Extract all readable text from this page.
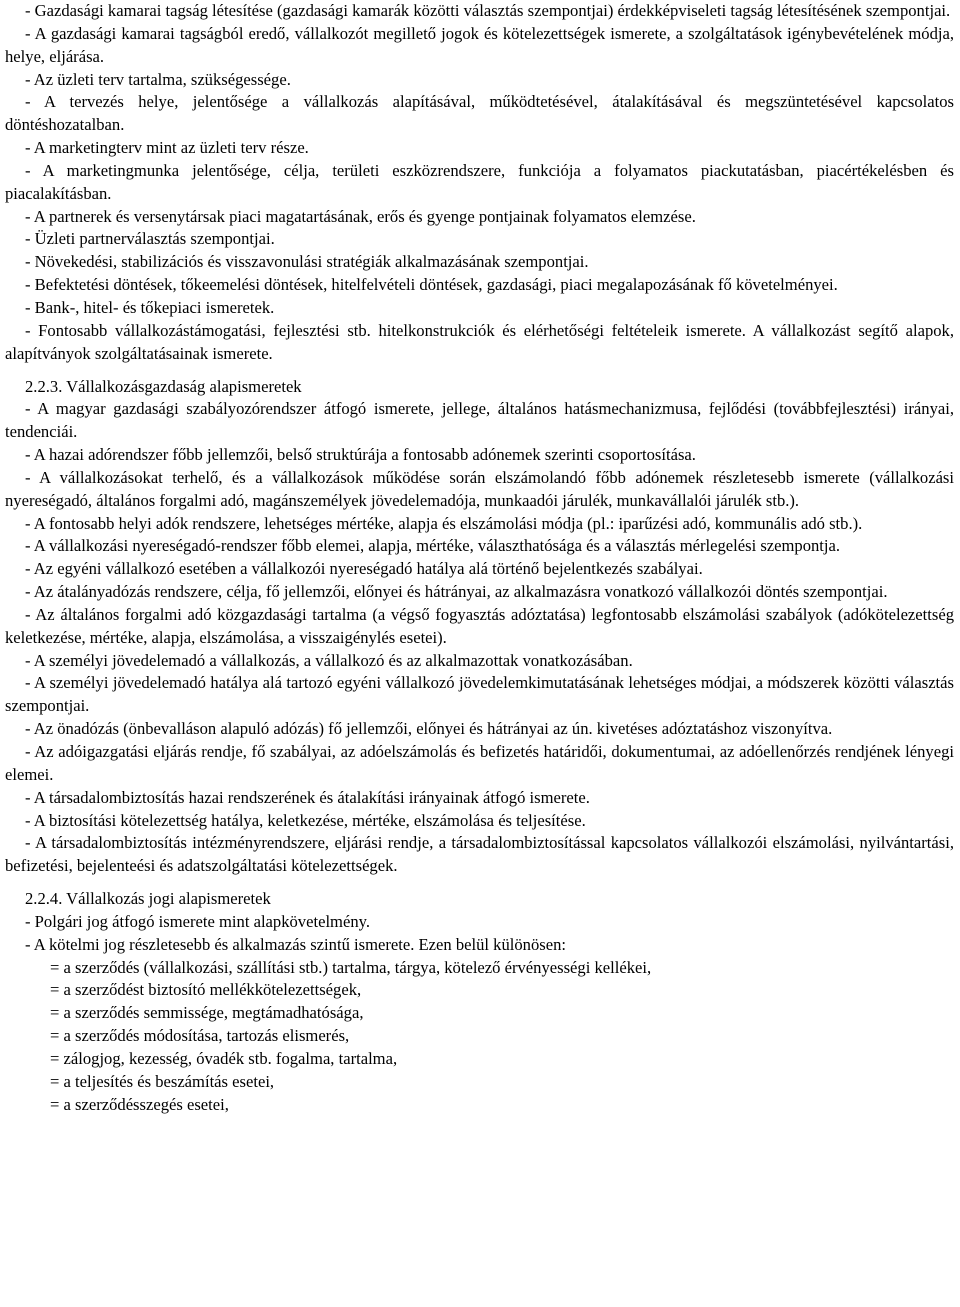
- Gazdasági kamarai tagság létesítése (gazdasági kamarák közötti választás szempontjai) érdekképviseleti tagság létesítésének szempontjai.

- A gazdasági kamarai tagságból eredő, vállalkozót megillető jogok és kötelezettségek ismerete, a szolgáltatások igénybevételének módja, helye, eljárása.

- Az üzleti terv tartalma, szükségessége.

- A tervezés helye, jelentősége a vállalkozás alapításával, működtetésével, átalakításával és megszüntetésével kapcsolatos döntéshozatalban.

- A marketingterv mint az üzleti terv része.

- A marketingmunka jelentősége, célja, területi eszközrendszere, funkciója a folyamatos piackutatásban, piacértékelésben és piacalakításban.

- A partnerek és versenytársak piaci magatartásának, erős és gyenge pontjainak folyamatos elemzése.

- Üzleti partnerválasztás szempontjai.

- Növekedési, stabilizációs és visszavonulási stratégiák alkalmazásának szempontjai.

- Befektetési döntések, tőkeemelési döntések, hitelfelvételi döntések, gazdasági, piaci megalapozásának fő követelményei.

- Bank-, hitel- és tőkepiaci ismeretek.

- Fontosabb vállalkozástámogatási, fejlesztési stb. hitelkonstrukciók és elérhetőségi feltételeik ismerete. A vállalkozást segítő alapok, alapítványok szolgáltatásainak ismerete.

2.2.3. Vállalkozásgazdaság alapismeretek

- A magyar gazdasági szabályozórendszer átfogó ismerete, jellege, általános hatásmechanizmusa, fejlődési (továbbfejlesztési) irányai, tendenciái.

- A hazai adórendszer főbb jellemzői, belső struktúrája a fontosabb adónemek szerinti csoportosítása.

- A vállalkozásokat terhelő, és a vállalkozások működése során elszámolandó főbb adónemek részletesebb ismerete (vállalkozási nyereségadó, általános forgalmi adó, magánszemélyek jövedelemadója, munkaadói járulék, munkavállalói járulék stb.).

- A fontosabb helyi adók rendszere, lehetséges mértéke, alapja és elszámolási módja (pl.: iparűzési adó, kommunális adó stb.).

- A vállalkozási nyereségadó-rendszer főbb elemei, alapja, mértéke, választhatósága és a választás mérlegelési szempontja.

- Az egyéni vállalkozó esetében a vállalkozói nyereségadó hatálya alá történő bejelentkezés szabályai.

- Az átalányadózás rendszere, célja, fő jellemzői, előnyei és hátrányai, az alkalmazásra vonatkozó vállalkozói döntés szempontjai.

- Az általános forgalmi adó közgazdasági tartalma (a végső fogyasztás adóztatása) legfontosabb elszámolási szabályok (adókötelezettség keletkezése, mértéke, alapja, elszámolása, a visszaigénylés esetei).

- A személyi jövedelemadó a vállalkozás, a vállalkozó és az alkalmazottak vonatkozásában.

- A személyi jövedelemadó hatálya alá tartozó egyéni vállalkozó jövedelemkimutatásának lehetséges módjai, a módszerek közötti választás szempontjai.

- Az önadózás (önbevalláson alapuló adózás) fő jellemzői, előnyei és hátrányai az ún. kivetéses adóztatáshoz viszonyítva.

- Az adóigazgatási eljárás rendje, fő szabályai, az adóelszámolás és befizetés határidői, dokumentumai, az adóellenőrzés rendjének lényegi elemei.

- A társadalombiztosítás hazai rendszerének és átalakítási irányainak átfogó ismerete.

- A biztosítási kötelezettség hatálya, keletkezése, mértéke, elszámolása és teljesítése.

- A társadalombiztosítás intézményrendszere, eljárási rendje, a társadalombiztosítással kapcsolatos vállalkozói elszámolási, nyilvántartási, befizetési, bejelenteési és adatszolgáltatási kötelezettségek.

2.2.4. Vállalkozás jogi alapismeretek

- Polgári jog átfogó ismerete mint alapkövetelmény.

- A kötelmi jog részletesebb és alkalmazás szintű ismerete. Ezen belül különösen:

= a szerződés (vállalkozási, szállítási stb.) tartalma, tárgya, kötelező érvényességi kellékei,

= a szerződést biztosító mellékkötelezettségek,

= a szerződés semmissége, megtámadhatósága,

= a szerződés módosítása, tartozás elismerés,

= zálogjog, kezesség, óvadék stb. fogalma, tartalma,

= a teljesítés és beszámítás esetei,

= a szerződésszegés esetei,
